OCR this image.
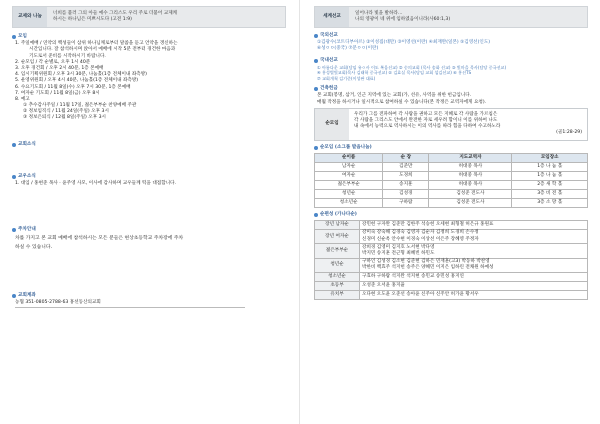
교제와 나눔
너희를 불러 그의 아들 예수 그리스도 우리 주로 더불어 교제케
하시는 하나님은 미쁘시도다 (고전 1:9)
모임
1. 주일예배 / 연약의 백성들이 삼위 하나님께로부터 말씀을 듣고 언약을 갱신하는
시간입니다. 잘 참석하시며 앉아서 예배에 시작 5분 전부터 경건한 마음과
기도로서 준비를 시작하시기 바랍니다.
2. 순모임 / 각 순별로, 오후 1시 40분
3. 오후 경건회 / 오후 2시 40분, 1층 본예배
4. 임시기획위원회 / 오후 3시 30분, 나눔홀(1층 전체이내 좌측방)
5. 운영위원회 / 오후 4시 40분, 나눔홀(1층 전체이내 좌측방)
6. 수요기도회 / 11월 8일(수) 오후 7시 30분, 1층 본예배
7. 여자순 기도회 / 11월 8일(금) 오후 8시
8. 예고
① 추수감사주일 / 11월 17일, 젊은부부순 찬양예배 주관
② 정보임직식 / 11월 24일(주일) 오후 3시
③ 정보은퇴식 / 12월 8일(주일) 오후 3시
교회소식
교우소식
1. 대입 / 홍현준 목사 · 윤주영 사모, 이사에 감사하며 교우들께 떡을 대접합니다.
주차안내
차를 가지고 본 교회 예배에 참석하시는 모든 분들은 현상초등학교 주차장에 주차
하실 수 있습니다.
교회계좌
농협 351-0805-2788-63 홍선동산의교회
세계선교
일어나라 빛을 발하라…
나의 영광이 네 위에 임하였음이니라(사60:1,3)
국외선교
①김광수(코트디부아르) ②이성집(대만) ③이영선(이란) ④최재완(일본) ⑤김영선(인도)
⑥성ㅇㅇ(중국) ⑦문ㅇㅇ(이란)
국내선교
① 아름다운 교회(담임 유ㅇ사 이도 복음선교) ② 숭의교회 (목사 송화 선교) ③ 빛마을 목사(담당 중국선교)
④ 홍성별빛교회(목사 김태학 중국선교) ⑤ 김효실 목사(담임 교회 섬김선교) ⑥ 홍선TS
⑦ 교회개척 김기준(이성판 대표)
건축헌금
본 교회(봉명, 삼거, 인근 지역에 있는 교회)가, 선유, 사역을 위한 헌금입니다.
매월 작정을 하시거나 일시적으로 참여하실 수 있습니다(본 작정은 교역자에게 요청).
순모임
우리가 그를 전파하여 각 사람을 권하고 모든 지혜로 각 사람을 가르침은
각 사람을 그리스도 안에서 완전한 자로 세우려 함이니 이를 위하여 나도
내 속에서 능력으로 역사하시는 이의 역사를 따라 힘을 다하여 수고하노라
(골1:28-29)
순모임 (소그룹 발음나눔)
순이름	순 장	지도교역자	모임장소
남자순	김준만	허대중 목사	1층 나 눔 홀
여자순	도경희	허대중 목사	1층 나 눔 홀
젊은부부순	송지훈	허대중 목사	2층 새 학 홀
청년순	김성경	김성준 전도사	3층 비 전 홀
청소년순	구하람	김성준 전도사	3층 소 망 홀
순편성 (가나다순)
장년 남자순	강민헌 구자완 김준만 김한주 석승헌 오세현 최형철 허은규 홍원표

장년 여자순	강미숙 강숙해 김경숙 김영자 김순자 김정희 도경희 손수정
신경미 신순옥 안수현 이경숙 이상선 이은주 장혜영 주정자

젊은부부순	강희경 김영미 김지호 노서현 박다영
박지민 송지훈 전근형 최혜빈 하민도

청년순	구하인 김성경 김소현 김준현 김하은 민재훈(고3) 박동하 박찬영
박한비 백효주 석지헌 송주은 양혜민 이지은 임하린 전채원 하예성

청소년순	구효하 구하람 석지완 석지현 송민교 송민성 홍지연

초등부	오성준 오서윤 홍지율

유치부	오다현 오도윤 오준선 송아윤 신주아 신주안 허가윤 황서우
